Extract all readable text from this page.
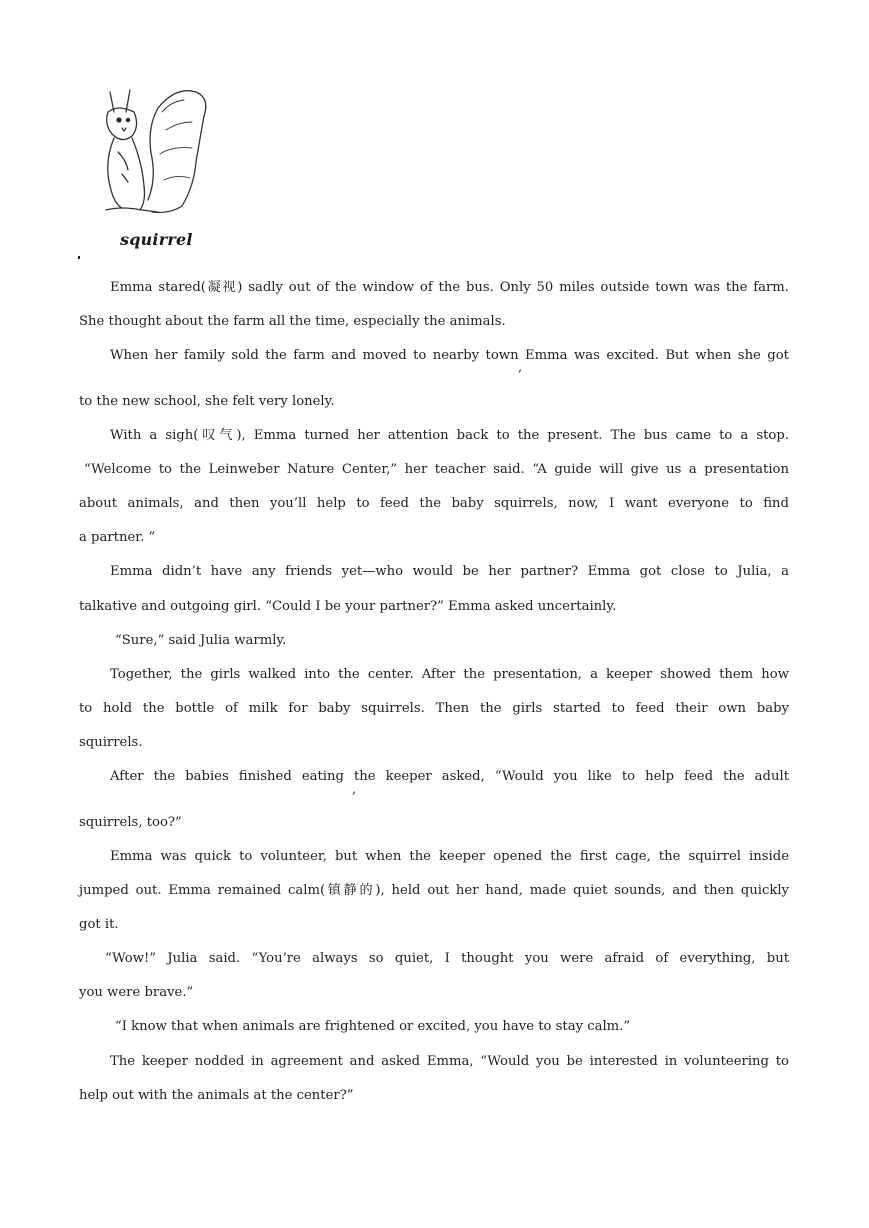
squirrel
Emma stared(凝视) sadly out of the window of the bus. Only 50 miles outside town was the farm.
She thought about the farm all the time, especially the animals.
When her family sold the farm and moved to nearby town Emma was excited. But when she got
,
to the new school, she felt very lonely.
With a sigh(叹气), Emma turned her attention back to the present. The bus came to a stop.
“Welcome to the Leinweber Nature Center,” her teacher said. “A guide will give us a presentation
about animals, and then you’ll help to feed the baby squirrels, now, I want everyone to find
a partner. ”
Emma didn’t have any friends yet—who would be her partner? Emma got close to Julia, a
talkative and outgoing girl. “Could I be your partner?” Emma asked uncertainly.
“Sure,” said Julia warmly.
Together, the girls walked into the center. After the presentation, a keeper showed them how
to hold the bottle of milk for baby squirrels. Then the girls started to feed their own baby
squirrels.
After the babies finished eating the keeper asked, “Would you like to help feed the adult
,
squirrels, too?”
Emma was quick to volunteer, but when the keeper opened the first cage, the squirrel inside
jumped out. Emma remained calm(镇静的), held out her hand, made quiet sounds, and then quickly
got it.
“Wow!” Julia said. “You’re always so quiet, I thought you were afraid of everything, but
you were brave.”
“I know that when animals are frightened or excited, you have to stay calm.”
The keeper nodded in agreement and asked Emma, “Would you be interested in volunteering to
help out with the animals at the center?”
